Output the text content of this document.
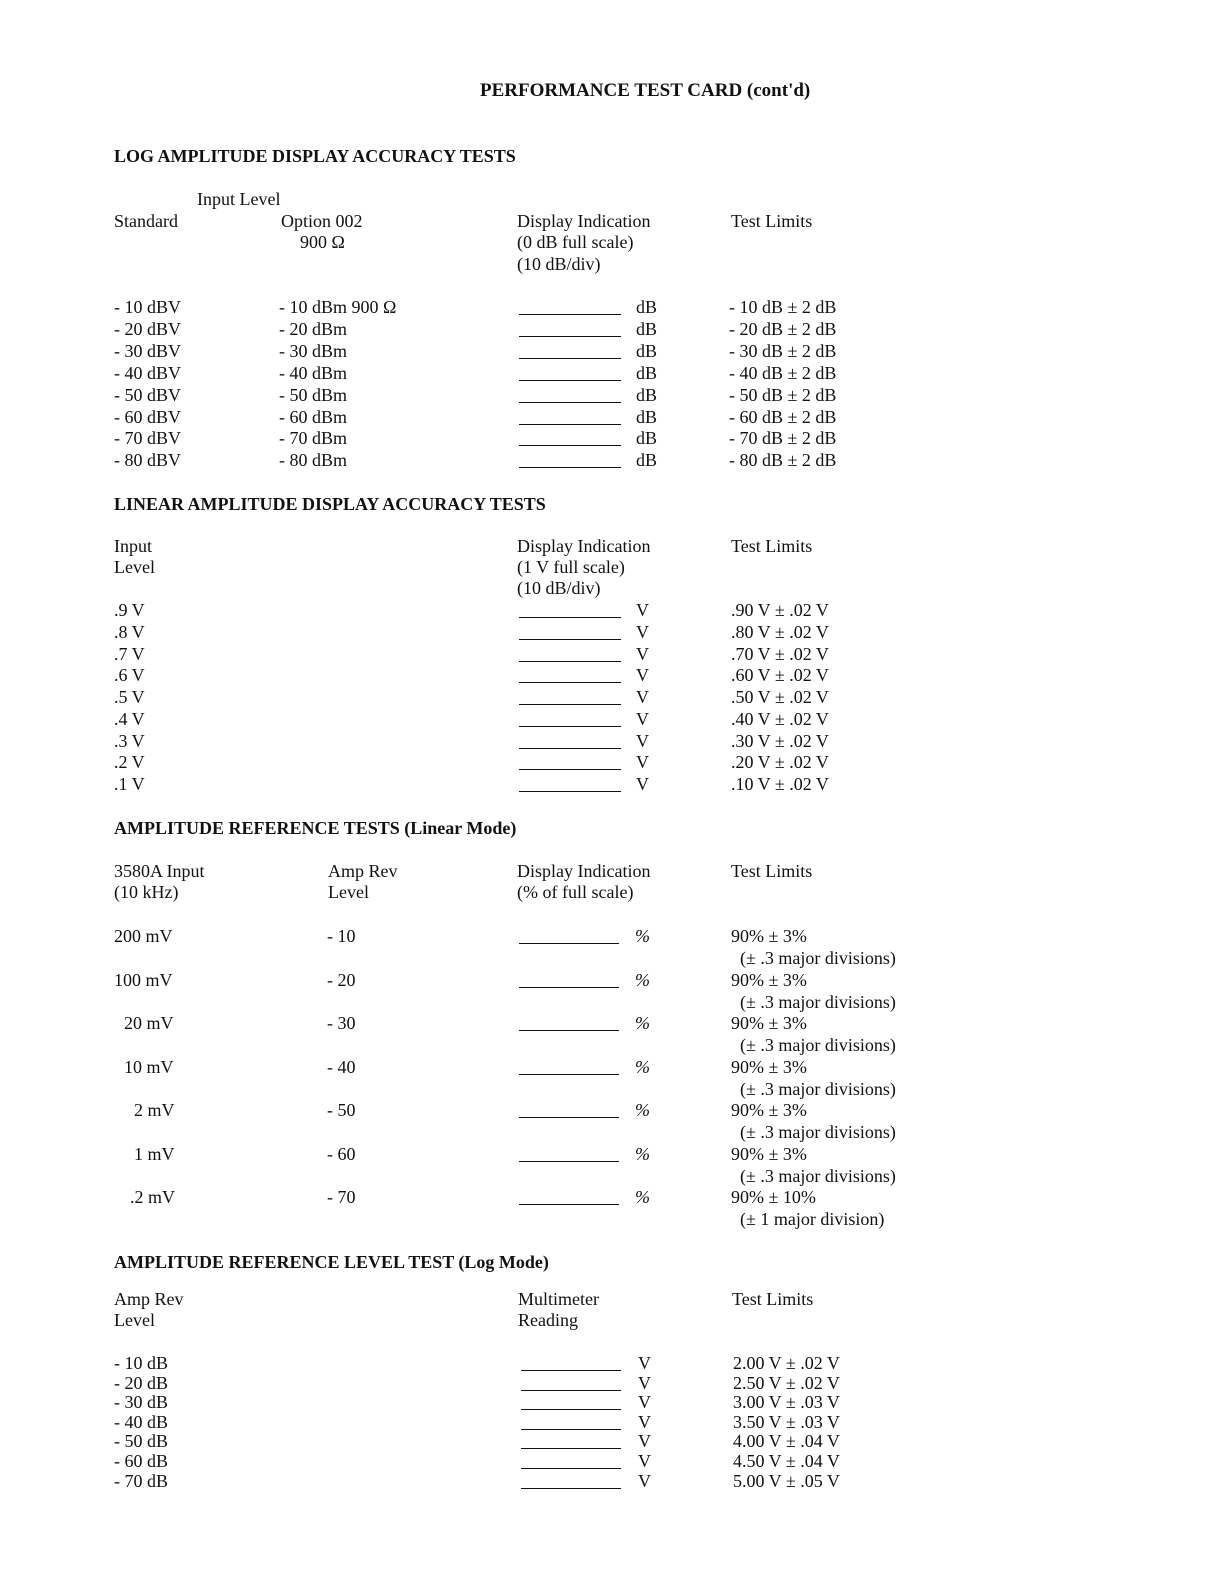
PERFORMANCE TEST CARD (cont'd)
LOG AMPLITUDE DISPLAY ACCURACY TESTS
Input Level
Standard	Option 002
900 Ω
Display Indication
(0 dB full scale)
(10 dB/div)
Test Limits
- 10 dBV	- 10 dBm 900 Ω	dB	- 10 dB ± 2 dB
- 20 dBV	- 20 dBm	dB	- 20 dB ± 2 dB
- 30 dBV	- 30 dBm	dB	- 30 dB ± 2 dB
- 40 dBV	- 40 dBm	dB	- 40 dB ± 2 dB
- 50 dBV	- 50 dBm	dB	- 50 dB ± 2 dB
- 60 dBV	- 60 dBm	dB	- 60 dB ± 2 dB
- 70 dBV	- 70 dBm	dB	- 70 dB ± 2 dB
- 80 dBV	- 80 dBm	dB	- 80 dB ± 2 dB
LINEAR AMPLITUDE DISPLAY ACCURACY TESTS
Input
Level
Display Indication
(1 V full scale)
(10 dB/div)
Test Limits
.9 V	V	.90 V ± .02 V
.8 V	V	.80 V ± .02 V
.7 V	V	.70 V ± .02 V
.6 V	V	.60 V ± .02 V
.5 V	V	.50 V ± .02 V
.4 V	V	.40 V ± .02 V
.3 V	V	.30 V ± .02 V
.2 V	V	.20 V ± .02 V
.1 V	V	.10 V ± .02 V
AMPLITUDE REFERENCE TESTS (Linear Mode)
3580A Input
(10 kHz)
Amp Rev
Level
Display Indication
(% of full scale)
Test Limits
200 mV	- 10	%	90% ± 3%
(± .3 major divisions)
100 mV	- 20	%	90% ± 3%
(± .3 major divisions)
20 mV	- 30	%	90% ± 3%
(± .3 major divisions)
10 mV	- 40	%	90% ± 3%
(± .3 major divisions)
2 mV	- 50	%	90% ± 3%
(± .3 major divisions)
1 mV	- 60	%	90% ± 3%
(± .3 major divisions)
.2 mV	- 70	%	90% ± 10%
(± 1 major division)
AMPLITUDE REFERENCE LEVEL TEST (Log Mode)
Amp Rev
Level
Multimeter
Reading
Test Limits
- 10 dB	V	2.00 V ± .02 V
- 20 dB	V	2.50 V ± .02 V
- 30 dB	V	3.00 V ± .03 V
- 40 dB	V	3.50 V ± .03 V
- 50 dB	V	4.00 V ± .04 V
- 60 dB	V	4.50 V ± .04 V
- 70 dB	V	5.00 V ± .05 V
